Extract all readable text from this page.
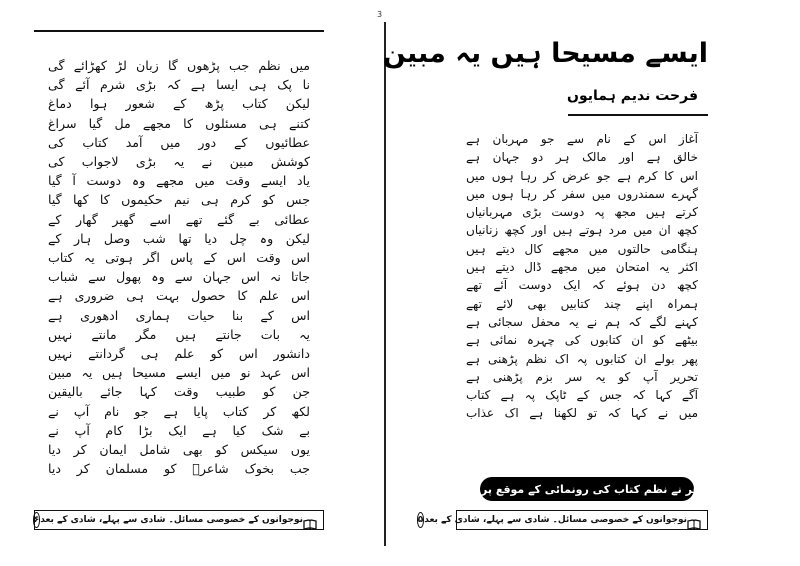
3
میں نظم جب پڑھوں گا زبان لڑ کھڑائے گی
نا پک ہی ایسا ہے کہ بڑی شرم آئے گی
لیکن کتاب پڑھ کے شعور ہوا دماغ
کتنے ہی مسئلوں کا مجھے مل گیا سراغ
عطائیوں کے دور میں آمد کتاب کی
کوشش مبین نے یہ بڑی لاجواب کی
یاد ایسے وقت میں مجھے وہ دوست آ گیا
جس کو کرم ہی نیم حکیموں کا کھا گیا
عطائی بے گئے تھے اسے گھیر گھار کے
لیکن وہ چل دیا تھا شب وصل ہار کے
اس وقت اس کے پاس اگر ہوتی یہ کتاب
جاتا نہ اس جہان سے وہ پھول سے شباب
اس علم کا حصول بہت ہی ضروری ہے
اس کے بنا حیات ہماری ادھوری ہے
یہ بات جانتے ہیں مگر مانتے نہیں
دانشور اس کو علم ہی گردانتے نہیں
اس عہد نو میں ایسے مسیحا ہیں یہ مبین
جن کو طبیب وقت کہا جائے بالیقین
لکھ کر کتاب پایا ہے جو نام آپ نے
بے شک کیا ہے ایک بڑا کام آپ نے
یوں سیکس کو بھی شامل ایمان کر دیا
جب بخوک شاعرؔ کو مسلمان کر دیا
نوجوانوں کے خصوصی مسائل۔ شادی سے پہلے، شادی کے بعد
۶
ایسے مسیحا ہیں یہ مبین
فرحت ندیم ہمایوں
آغاز اس کے نام سے جو مہربان ہے
خالق ہے اور مالک ہر دو جہان ہے
اس کا کرم ہے جو عرض کر رہا ہوں میں
گہرے سمندروں میں سفر کر رہا ہوں میں
کرتے ہیں مجھ پہ دوست بڑی مہربانیاں
کچھ ان میں مرد ہوتے ہیں اور کچھ زنانیاں
ہنگامی حالتوں میں مجھے کال دیتے ہیں
اکثر یہ امتحان میں مجھے ڈال دیتے ہیں
کچھ دن ہوئے کہ ایک دوست آئے تھے
ہمراہ اپنے چند کتابیں بھی لائے تھے
کہنے لگے کہ ہم نے یہ محفل سجائی ہے
بیٹھے کو ان کتابوں کی چہرہ نمائی ہے
پھر بولے ان کتابوں پہ اک نظم پڑھنی ہے
تحریر آپ کو یہ سر بزم پڑھنی ہے
آگے کہا کہ جس کے ٹاپک پہ ہے کتاب
میں نے کہا کہ تو لکھنا ہے اک عذاب
✻
شاعر نے نظم کتاب کی رونمائی کے موقع پر پڑھی۔
نوجوانوں کے خصوصی مسائل۔ شادی سے پہلے، شادی کے بعد
۵
